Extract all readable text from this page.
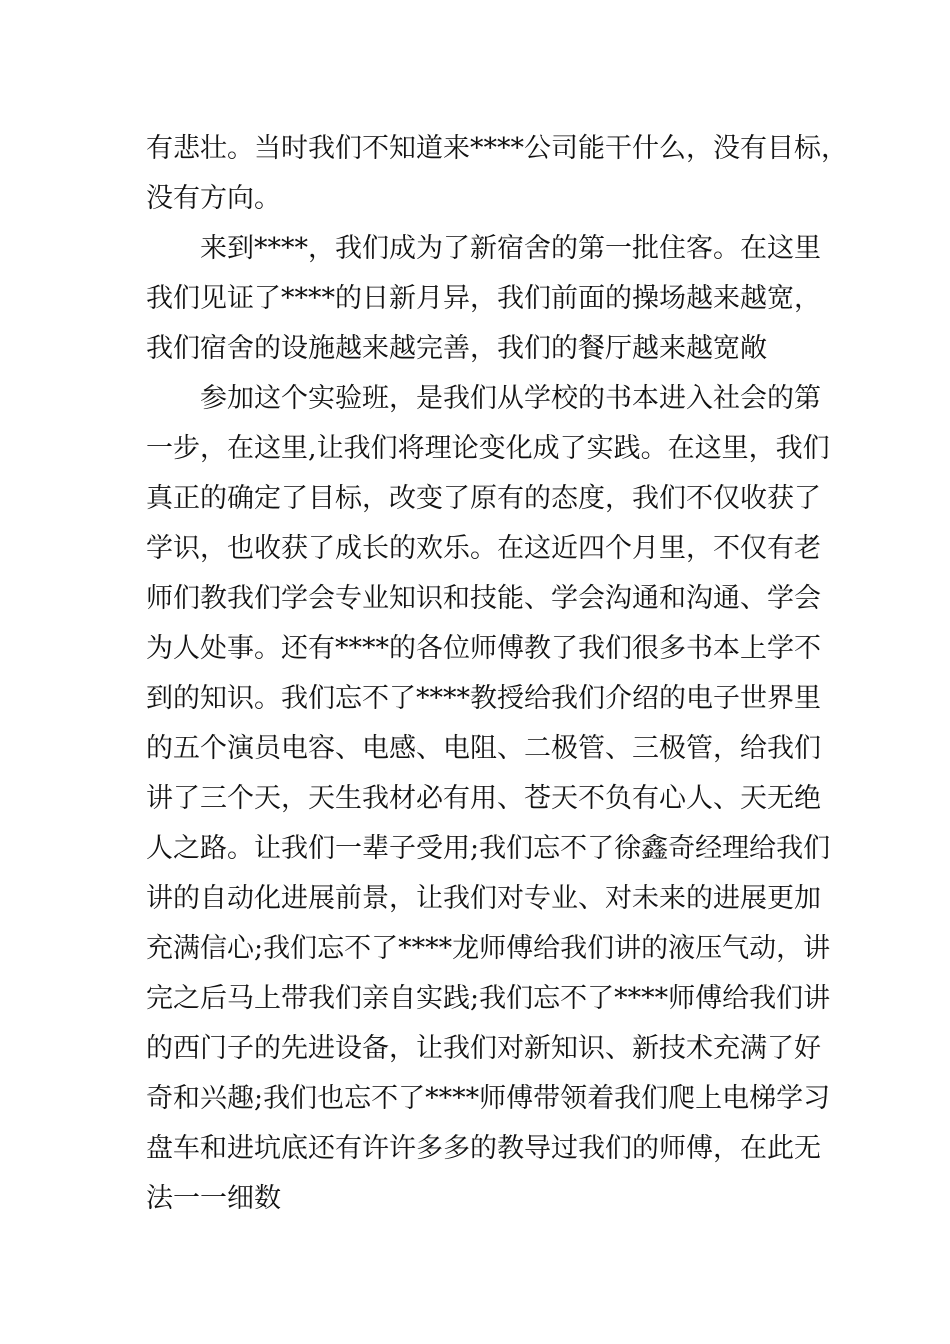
有悲壮。当时我们不知道来****公司能干什么，没有目标，
没有方向。

来到****，我们成为了新宿舍的第一批住客。在这里
我们见证了****的日新月异，我们前面的操场越来越宽，
我们宿舍的设施越来越完善，我们的餐厅越来越宽敞

参加这个实验班，是我们从学校的书本进入社会的第
一步，在这里,让我们将理论变化成了实践。在这里，我们
真正的确定了目标，改变了原有的态度，我们不仅收获了
学识，也收获了成长的欢乐。在这近四个月里，不仅有老
师们教我们学会专业知识和技能、学会沟通和沟通、学会
为人处事。还有****的各位师傅教了我们很多书本上学不
到的知识。我们忘不了****教授给我们介绍的电子世界里
的五个演员电容、电感、电阻、二极管、三极管，给我们
讲了三个天，天生我材必有用、苍天不负有心人、天无绝
人之路。让我们一辈子受用;我们忘不了徐鑫奇经理给我们
讲的自动化进展前景，让我们对专业、对未来的进展更加
充满信心;我们忘不了****龙师傅给我们讲的液压气动，讲
完之后马上带我们亲自实践;我们忘不了****师傅给我们讲
的西门子的先进设备，让我们对新知识、新技术充满了好
奇和兴趣;我们也忘不了****师傅带领着我们爬上电梯学习
盘车和进坑底还有许许多多的教导过我们的师傅，在此无
法一一细数
